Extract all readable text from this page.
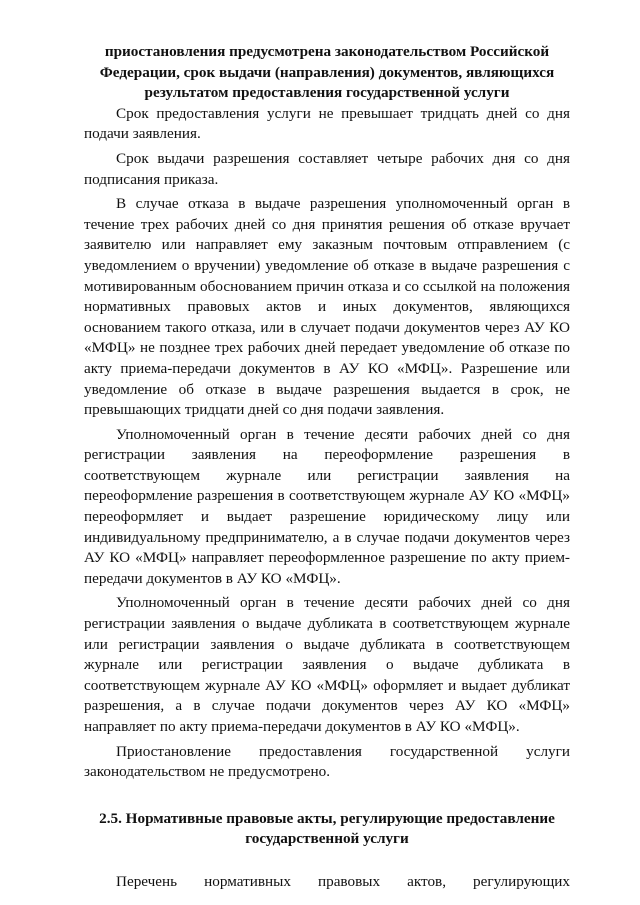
приостановления предусмотрена законодательством Российской
Федерации, срок выдачи (направления) документов, являющихся
результатом предоставления государственной услуги

Срок предоставления услуги не превышает тридцать дней со дня подачи заявления.

Срок выдачи разрешения составляет четыре рабочих дня со дня подписания приказа.

В случае отказа в выдаче разрешения уполномоченный орган в течение трех рабочих дней со дня принятия решения об отказе вручает заявителю или направляет ему заказным почтовым отправлением (с уведомлением о вручении) уведомление об отказе в выдаче разрешения с мотивированным обоснованием причин отказа и со ссылкой на положения нормативных правовых актов и иных документов, являющихся основанием такого отказа, или в случает подачи документов через АУ КО «МФЦ» не позднее трех рабочих дней передает уведомление об отказе по акту приема-передачи документов в АУ КО «МФЦ». Разрешение или уведомление об отказе в выдаче разрешения выдается в срок, не превышающих тридцати дней со дня подачи заявления.

Уполномоченный орган в течение десяти рабочих дней со дня регистрации заявления на переоформление разрешения в соответствующем журнале или регистрации заявления на переоформление разрешения в соответствующем журнале АУ КО «МФЦ» переоформляет и выдает разрешение юридическому лицу или индивидуальному предпринимателю, а в случае подачи документов через АУ КО «МФЦ» направляет переоформленное разрешение по акту прием-передачи документов в АУ КО «МФЦ».

Уполномоченный орган в течение десяти рабочих дней со дня регистрации заявления о выдаче дубликата в соответствующем журнале или регистрации заявления о выдаче дубликата в соответствующем журнале или регистрации заявления о выдаче дубликата в соответствующем журнале АУ КО «МФЦ» оформляет и выдает дубликат разрешения, а в случае подачи документов через АУ КО «МФЦ» направляет по акту приема-передачи документов в АУ КО «МФЦ».

Приостановление предоставления государственной услуги законодательством не предусмотрено.

2.5. Нормативные правовые акты, регулирующие предоставление
государственной услуги

Перечень нормативных правовых актов, регулирующих
